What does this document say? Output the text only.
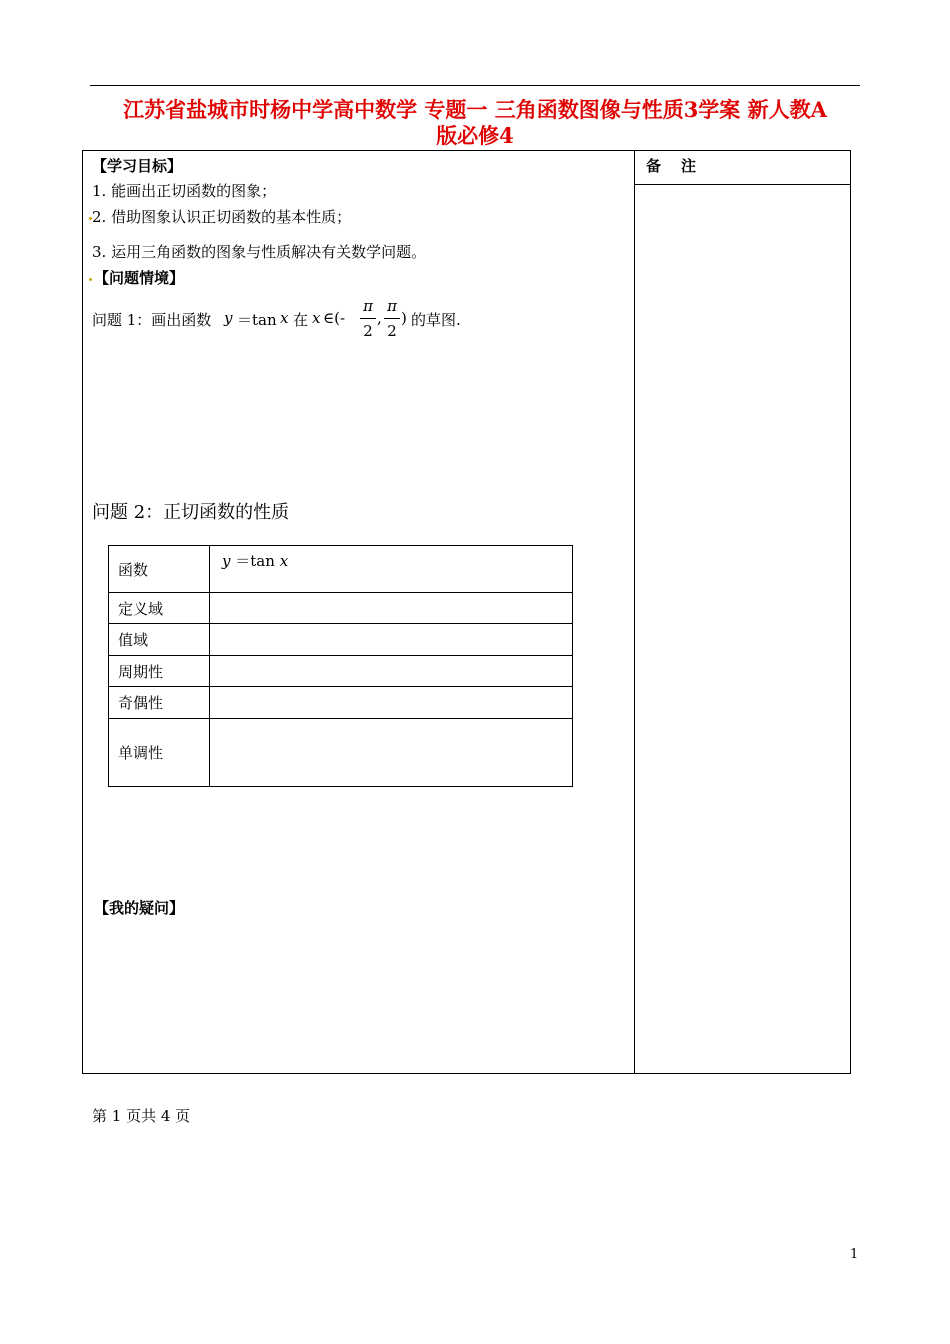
江苏省盐城市时杨中学高中数学 专题一 三角函数图像与性质3学案 新人教A
版必修4
备注
【学习目标】
1. 能画出正切函数的图象；
2. 借助图象认识正切函数的基本性质；
3. 运用三角函数的图象与性质解决有关数学问题。
【问题情境】
问题 1：画出函数 y ＝tan x 在 x ∈(-
π
2
,
π
2
) 的草图.
问题 2：正切函数的性质
函数	y ＝tan x
定义域	
值域	
周期性	
奇偶性	
单调性	
【我的疑问】
第 1 页共 4 页
1
